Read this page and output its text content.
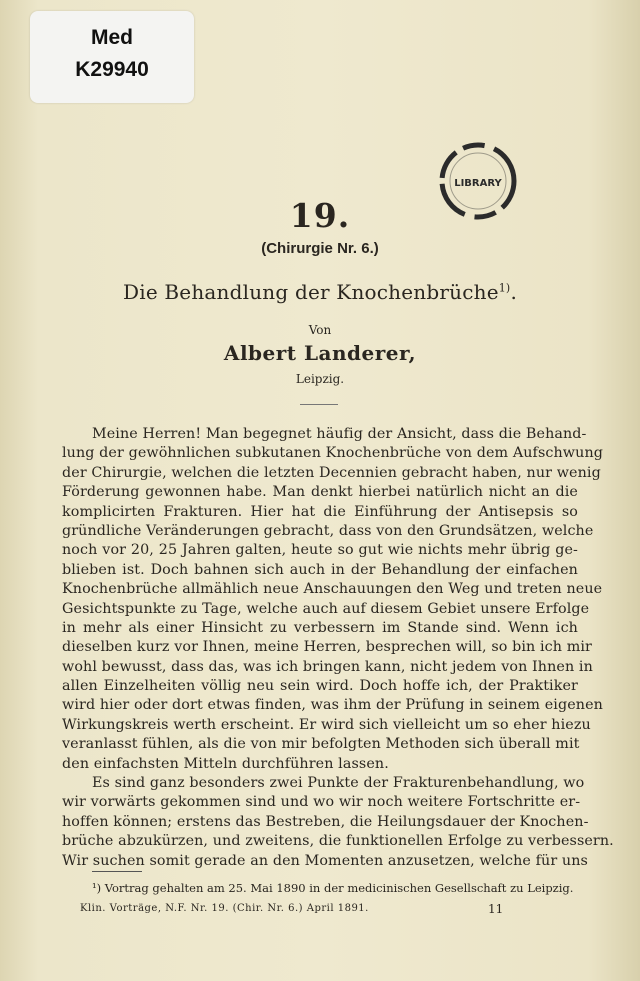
Med
K29940
LIBRARY
19.
(Chirurgie Nr. 6.)
Die Behandlung der Knochenbrüche$^{1)}$.
Von
Albert Landerer,
Leipzig.
Meine Herren! Man begegnet häufig der Ansicht, dass die Behand-
lung der gewöhnlichen subkutanen Knochenbrüche von dem Aufschwung
der Chirurgie, welchen die letzten Decennien gebracht haben, nur wenig
Förderung gewonnen habe. Man denkt hierbei natürlich nicht an die
komplicirten Frakturen. Hier hat die Einführung der Antisepsis so
gründliche Veränderungen gebracht, dass von den Grundsätzen, welche
noch vor 20, 25 Jahren galten, heute so gut wie nichts mehr übrig ge-
blieben ist. Doch bahnen sich auch in der Behandlung der einfachen
Knochenbrüche allmählich neue Anschauungen den Weg und treten neue
Gesichtspunkte zu Tage, welche auch auf diesem Gebiet unsere Erfolge
in mehr als einer Hinsicht zu verbessern im Stande sind. Wenn ich
dieselben kurz vor Ihnen, meine Herren, besprechen will, so bin ich mir
wohl bewusst, dass das, was ich bringen kann, nicht jedem von Ihnen in
allen Einzelheiten völlig neu sein wird. Doch hoffe ich, der Praktiker
wird hier oder dort etwas finden, was ihm der Prüfung in seinem eigenen
Wirkungskreis werth erscheint. Er wird sich vielleicht um so eher hiezu
veranlasst fühlen, als die von mir befolgten Methoden sich überall mit
den einfachsten Mitteln durchführen lassen.
Es sind ganz besonders zwei Punkte der Frakturenbehandlung, wo
wir vorwärts gekommen sind und wo wir noch weitere Fortschritte er-
hoffen können; erstens das Bestreben, die Heilungsdauer der Knochen-
brüche abzukürzen, und zweitens, die funktionellen Erfolge zu verbessern.
Wir suchen somit gerade an den Momenten anzusetzen, welche für uns
¹) Vortrag gehalten am 25. Mai 1890 in der medicinischen Gesellschaft zu Leipzig.
Klin. Vorträge, N.F. Nr. 19. (Chir. Nr. 6.) April 1891.	11
